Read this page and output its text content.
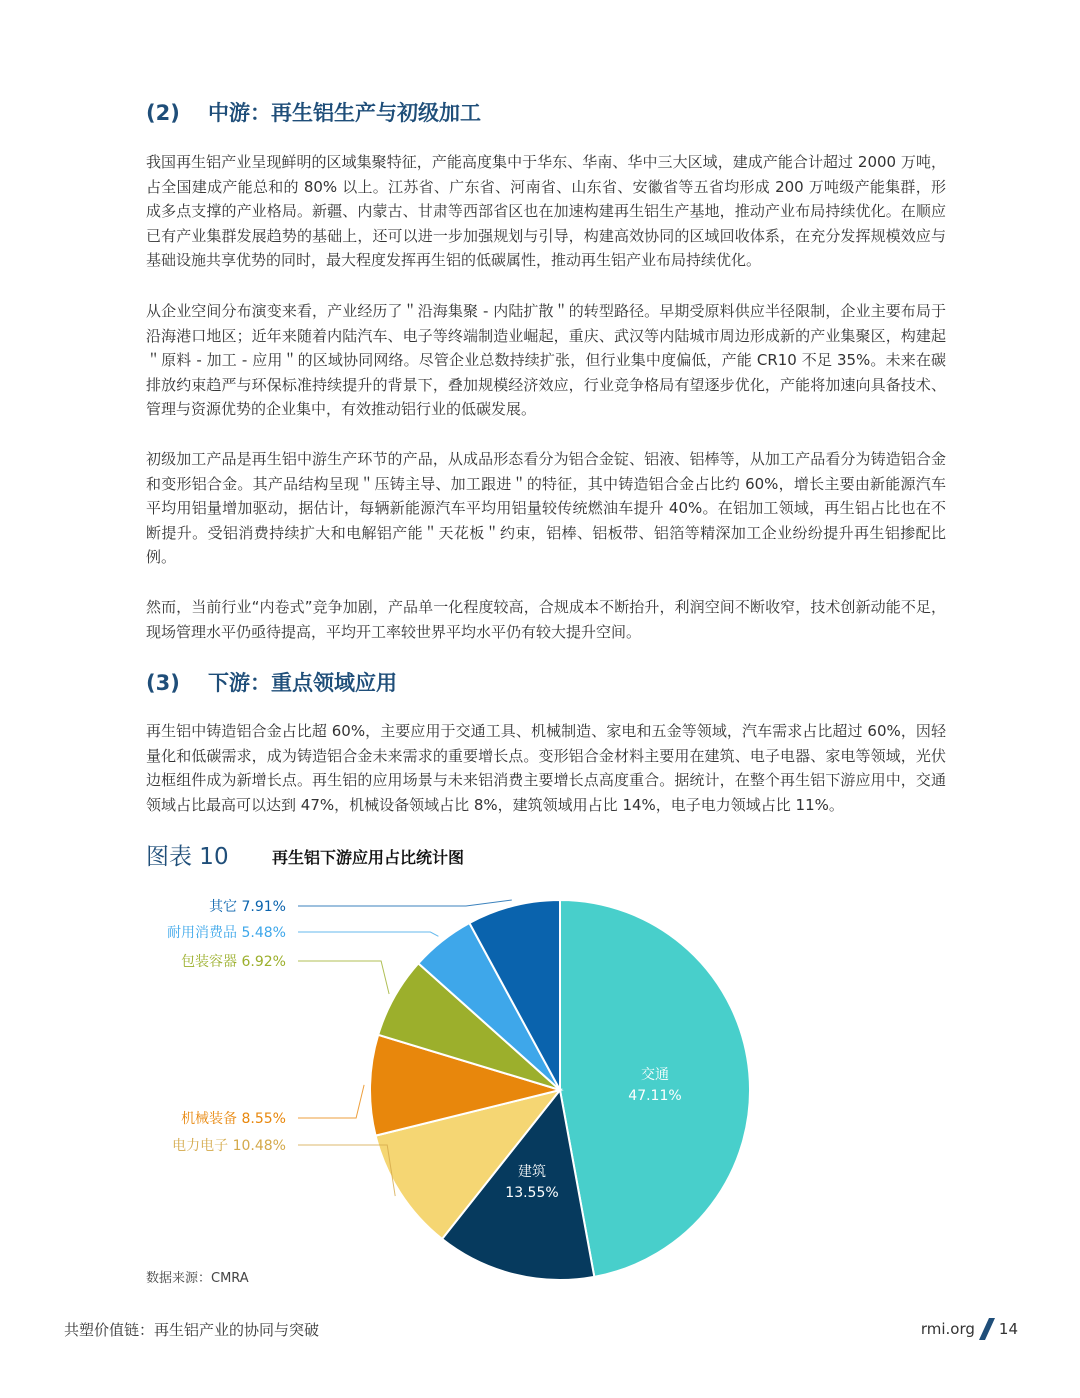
(2) 中游：再生铝生产与初级加工
我国再生铝产业呈现鲜明的区域集聚特征，产能高度集中于华东、华南、华中三大区域，建成产能合计超过 2000 万吨，占全国建成产能总和的 80% 以上。江苏省、广东省、河南省、山东省、安徽省等五省均形成 200 万吨级产能集群，形成多点支撑的产业格局。新疆、内蒙古、甘肃等西部省区也在加速构建再生铝生产基地，推动产业布局持续优化。在顺应已有产业集群发展趋势的基础上，还可以进一步加强规划与引导，构建高效协同的区域回收体系，在充分发挥规模效应与基础设施共享优势的同时，最大程度发挥再生铝的低碳属性，推动再生铝产业布局持续优化。
从企业空间分布演变来看，产业经历了＂沿海集聚 - 内陆扩散＂的转型路径。早期受原料供应半径限制，企业主要布局于沿海港口地区；近年来随着内陆汽车、电子等终端制造业崛起，重庆、武汉等内陆城市周边形成新的产业集聚区，构建起＂原料 - 加工 - 应用＂的区域协同网络。尽管企业总数持续扩张，但行业集中度偏低，产能 CR10 不足 35%。未来在碳排放约束趋严与环保标准持续提升的背景下，叠加规模经济效应，行业竞争格局有望逐步优化，产能将加速向具备技术、管理与资源优势的企业集中，有效推动铝行业的低碳发展。
初级加工产品是再生铝中游生产环节的产品，从成品形态看分为铝合金锭、铝液、铝棒等，从加工产品看分为铸造铝合金和变形铝合金。其产品结构呈现＂压铸主导、加工跟进＂的特征，其中铸造铝合金占比约 60%，增长主要由新能源汽车平均用铝量增加驱动，据估计，每辆新能源汽车平均用铝量较传统燃油车提升 40%。在铝加工领域，再生铝占比也在不断提升。受铝消费持续扩大和电解铝产能＂天花板＂约束，铝棒、铝板带、铝箔等精深加工企业纷纷提升再生铝掺配比例。
然而，当前行业“内卷式”竞争加剧，产品单一化程度较高，合规成本不断抬升，利润空间不断收窄，技术创新动能不足，现场管理水平仍亟待提高，平均开工率较世界平均水平仍有较大提升空间。
(3) 下游：重点领域应用
再生铝中铸造铝合金占比超 60%，主要应用于交通工具、机械制造、家电和五金等领域，汽车需求占比超过 60%，因轻量化和低碳需求，成为铸造铝合金未来需求的重要增长点。变形铝合金材料主要用在建筑、电子电器、家电等领域，光伏边框组件成为新增长点。再生铝的应用场景与未来铝消费主要增长点高度重合。据统计，在整个再生铝下游应用中，交通领域占比最高可以达到 47%，机械设备领域占比 8%，建筑领域用占比 14%，电子电力领域占比 11%。
图表 10	再生铝下游应用占比统计图
交通
47.11%
建筑
13.55%
电力电子 10.48%
机械装备 8.55%
包装容器 6.92%
耐用消费品 5.48%
其它 7.91%
数据来源：CMRA
共塑价值链：再生铝产业的协同与突破	rmi.org 14
